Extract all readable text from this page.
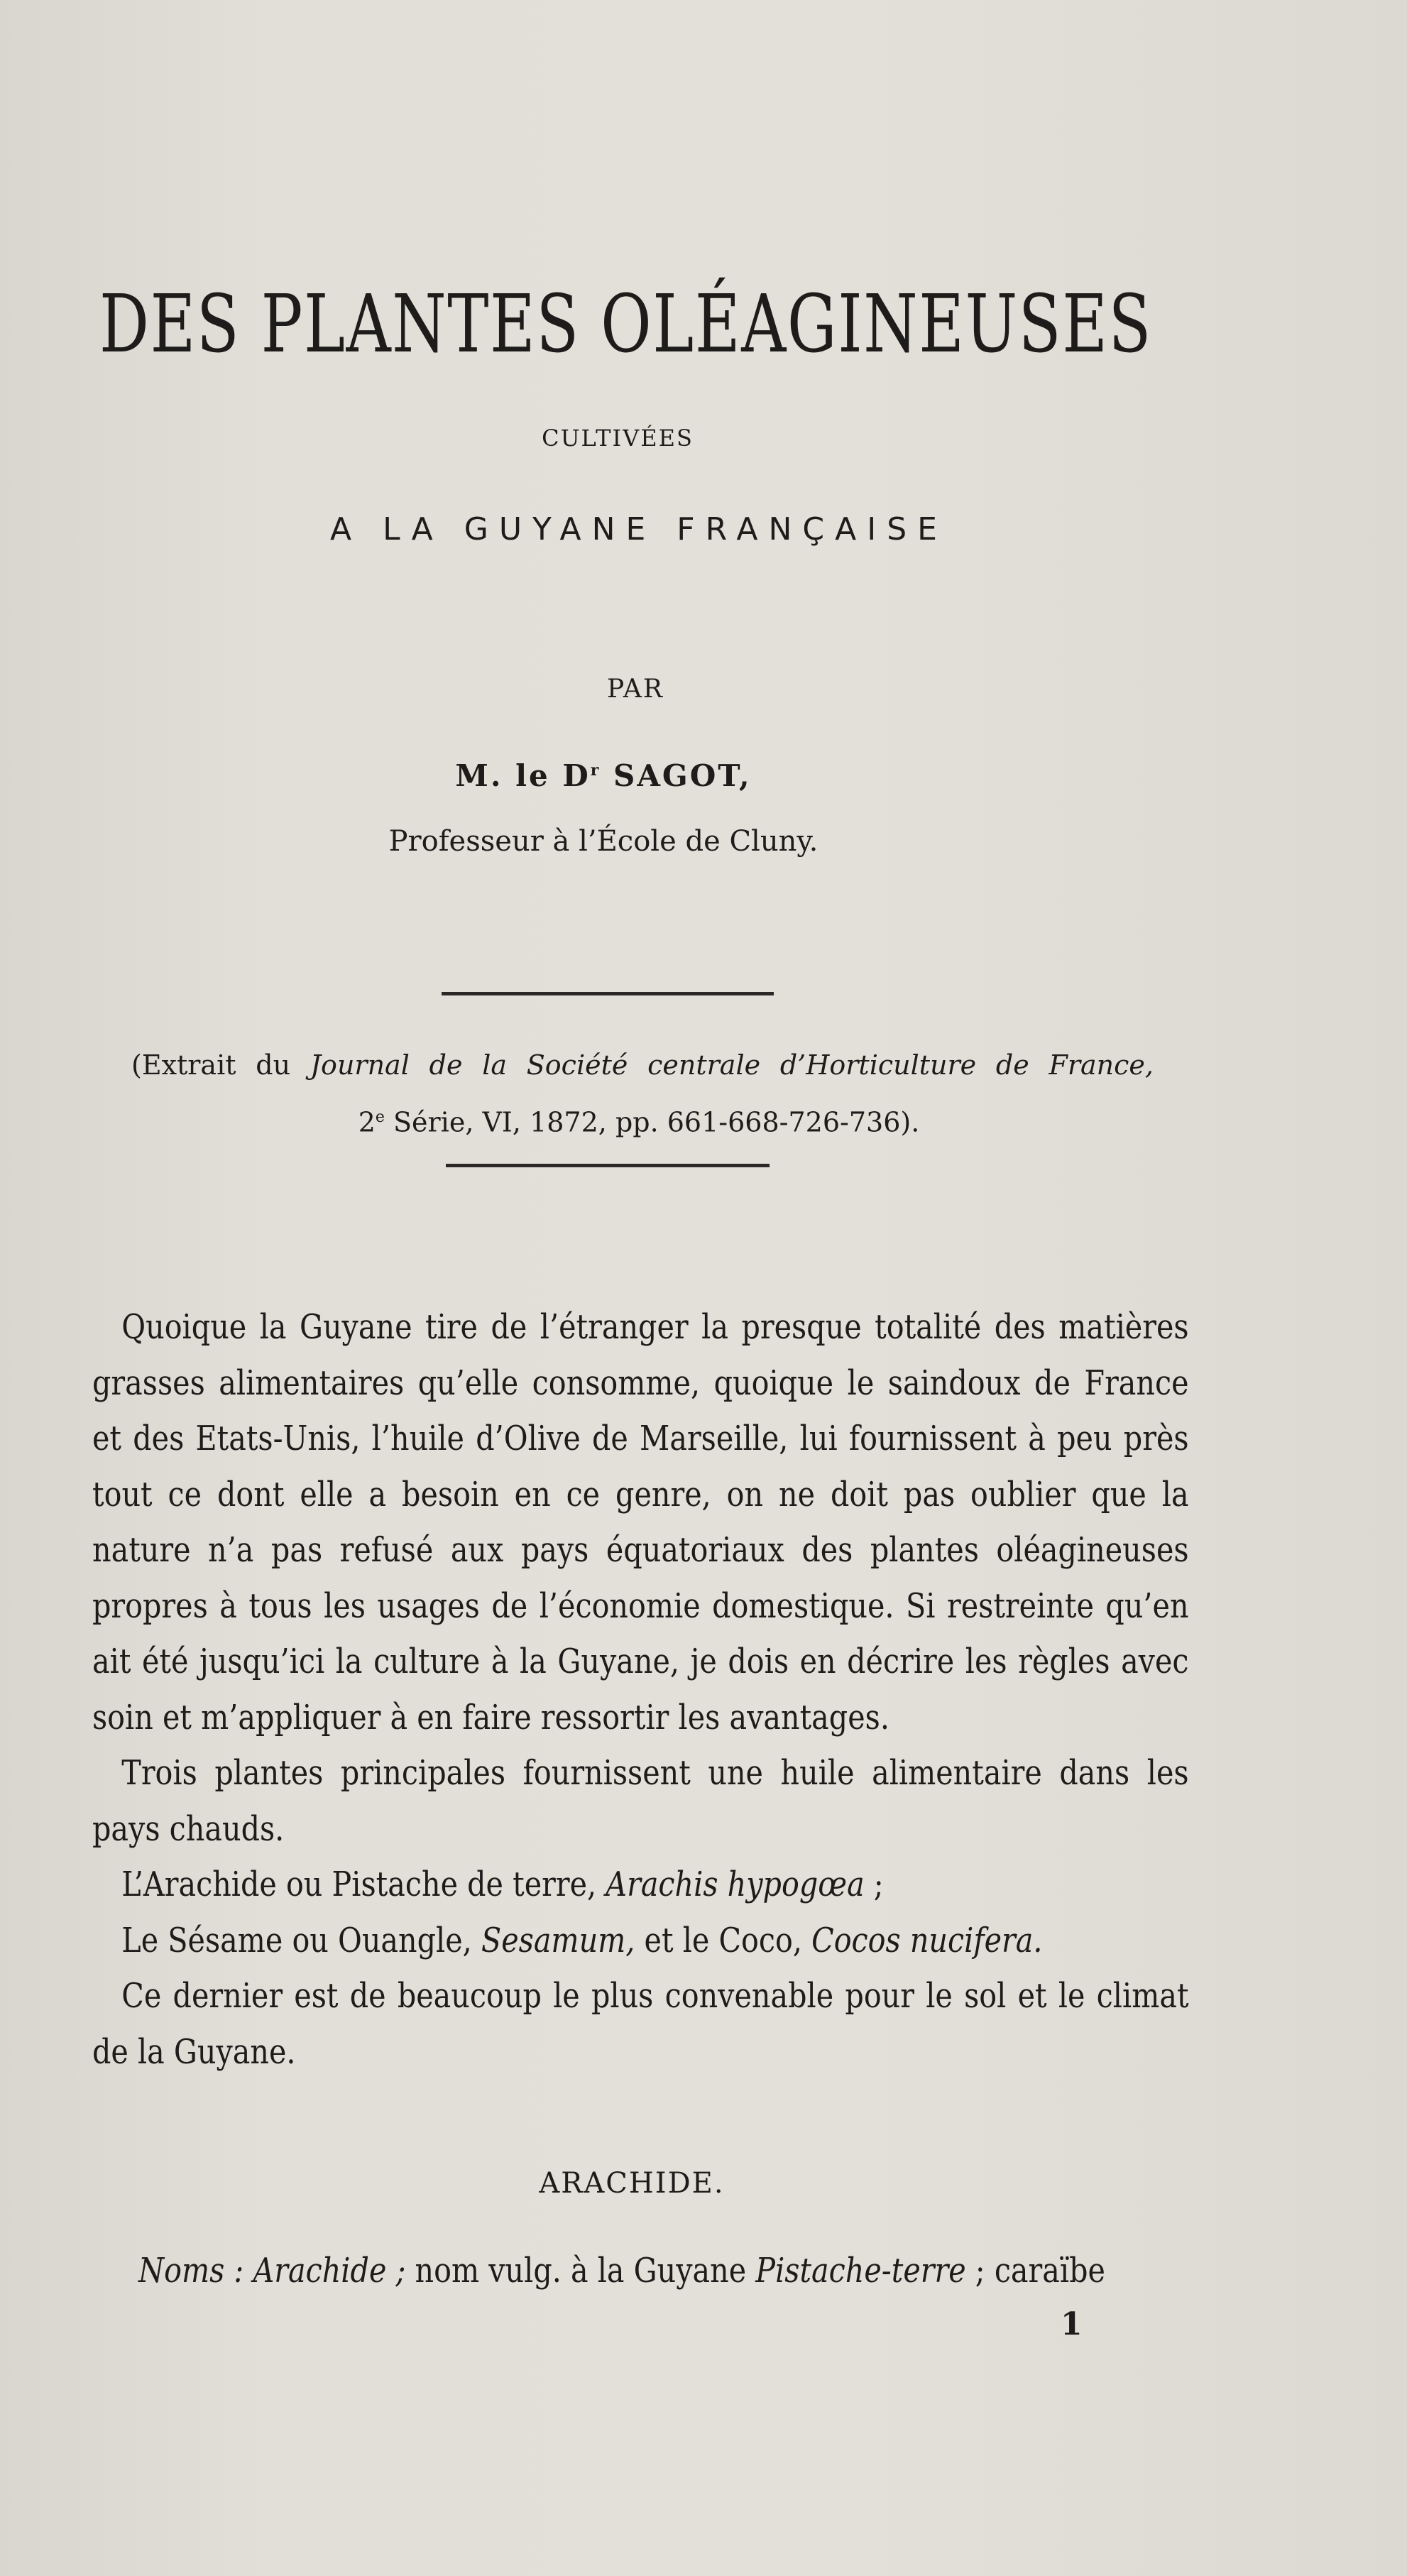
DES PLANTES OLÉAGINEUSES
CULTIVÉES
A LA GUYANE FRANÇAISE
PAR
M. le $D^r$ SAGOT,
Professeur à l’École de Cluny.
(Extrait du Journal de la Société centrale d’Horticulture de France,
2e Série, VI, 1872, pp. 661-668-726-736).

Quoique la Guyane tire de l’étranger la presque totalité des matières grasses alimentaires qu’elle consomme, quoique le saindoux de France et des Etats-Unis, l’huile d’Olive de Marseille, lui fournissent à peu près tout ce dont elle a besoin en ce genre, on ne doit pas oublier que la nature n’a pas refusé aux pays équatoriaux des plantes oléagineuses propres à tous les usages de l’économie domestique. Si restreinte qu’en ait été jusqu’ici la culture à la Guyane, je dois en décrire les règles avec soin et m’appliquer à en faire ressortir les avantages.

Trois plantes principales fournissent une huile alimentaire dans les pays chauds.

L’Arachide ou Pistache de terre, Arachis hypogœa ;

Le Sésame ou Ouangle, Sesamum, et le Coco, Cocos nucifera.

Ce dernier est de beaucoup le plus convenable pour le sol et le climat de la Guyane.

ARACHIDE.
Noms : Arachide ; nom vulg. à la Guyane Pistache-terre ; caraïbe
1
